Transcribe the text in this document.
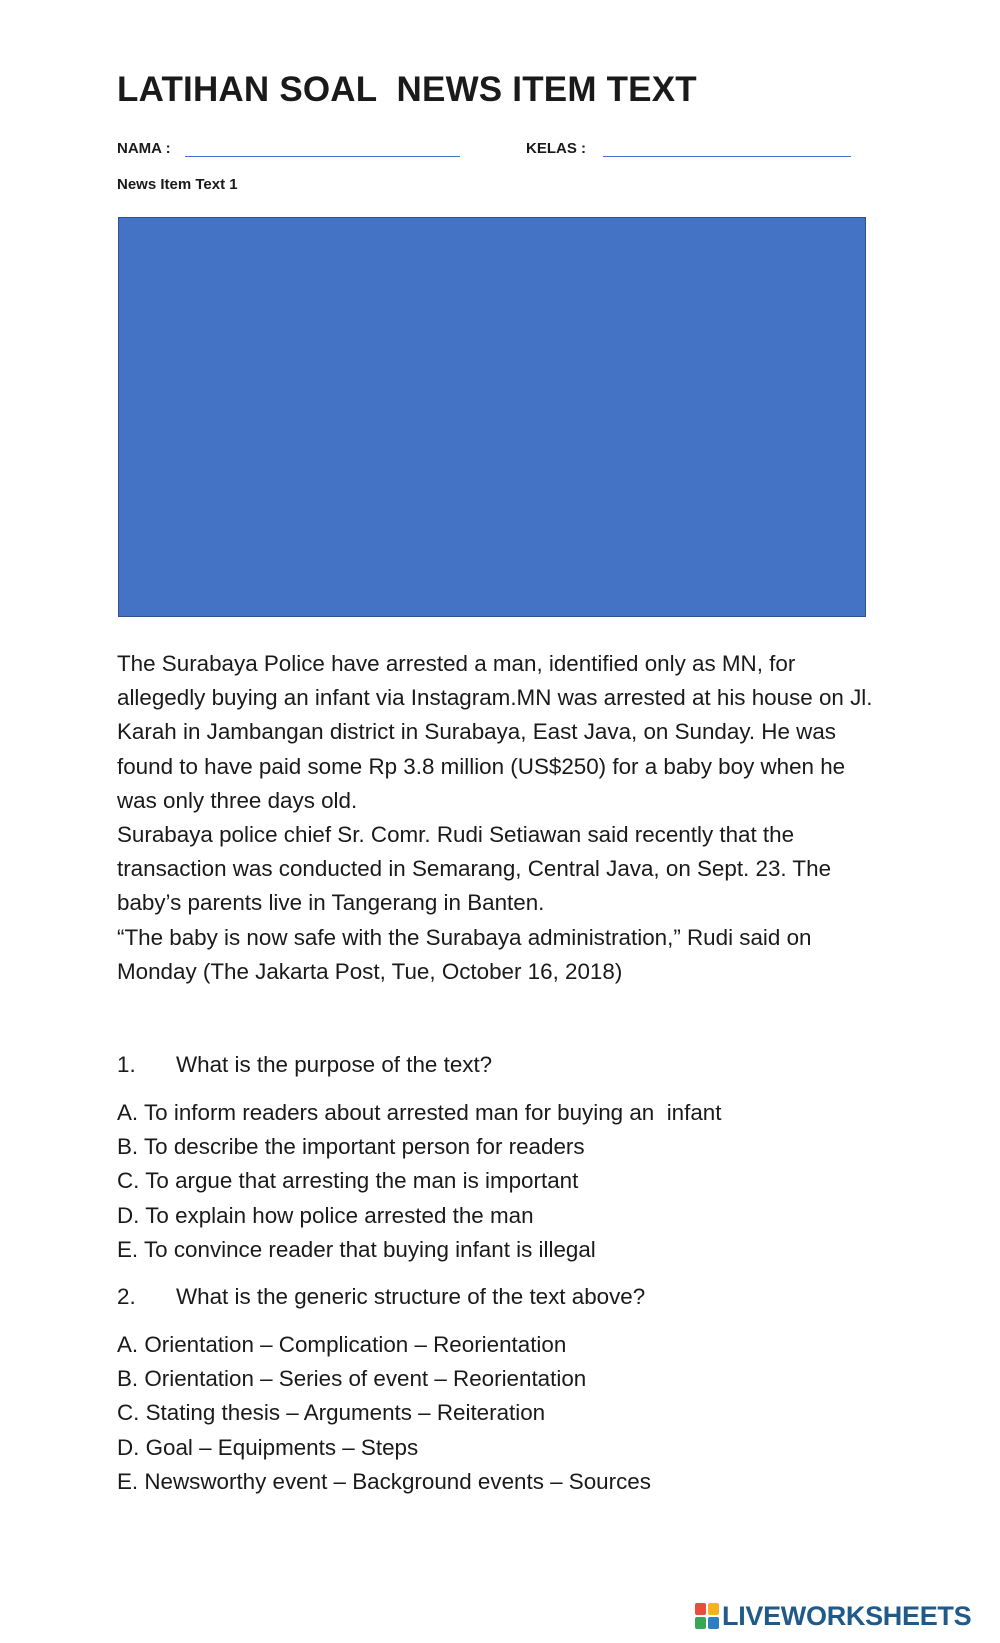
LATIHAN SOAL  NEWS ITEM TEXT
NAMA :	KELAS :
News Item Text 1

The Surabaya Police have arrested a man, identified only as MN, for allegedly buying an infant via Instagram.MN was arrested at his house on Jl. Karah in Jambangan district in Surabaya, East Java, on Sunday. He was found to have paid some Rp 3.8 million (US$250) for a baby boy when he was only three days old.

Surabaya police chief Sr. Comr. Rudi Setiawan said recently that the transaction was conducted in Semarang, Central Java, on Sept. 23. The baby’s parents live in Tangerang in Banten.

“The baby is now safe with the Surabaya administration,” Rudi said on Monday (The Jakarta Post, Tue, October 16, 2018)

1. What is the purpose of the text?
A. To inform readers about arrested man for buying an  infant
B. To describe the important person for readers
C. To argue that arresting the man is important
D. To explain how police arrested the man
E. To convince reader that buying infant is illegal
2. What is the generic structure of the text above?
A. Orientation – Complication – Reorientation
B. Orientation – Series of event – Reorientation
C. Stating thesis – Arguments – Reiteration
D. Goal – Equipments – Steps
E. Newsworthy event – Background events – Sources
LIVEWORKSHEETS
